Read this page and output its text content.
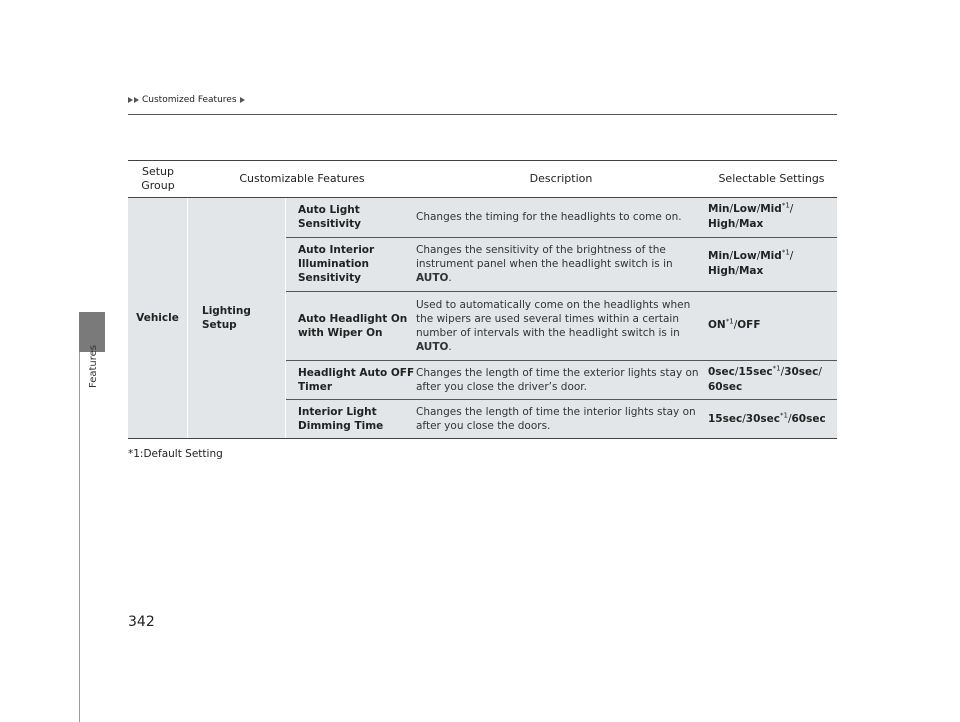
Features
Customized Features
Setup Group
Customizable Features	Description	Selectable Settings
Vehicle
Lighting Setup
Auto Light Sensitivity
Changes the timing for the headlights to come on.
Min/Low/Mid$^{*1}$/
High/Max
Auto Interior Illumination Sensitivity
Changes the sensitivity of the brightness of the instrument panel when the headlight switch is in AUTO.
Min/Low/Mid$^{*1}$/
High/Max
Auto Headlight On with Wiper On
Used to automatically come on the headlights when the wipers are used several times within a certain number of intervals with the headlight switch is in AUTO.
ON$^{*1}$/OFF
Headlight Auto OFF Timer
Changes the length of time the exterior lights stay on after you close the driver’s door.
$0\sec/15\sec^{*1}/30\sec/$
60sec
Interior Light Dimming Time
Changes the length of time the interior lights stay on after you close the doors.
$15\sec/30\sec^{*1}/60\sec$
*1:Default Setting
342
